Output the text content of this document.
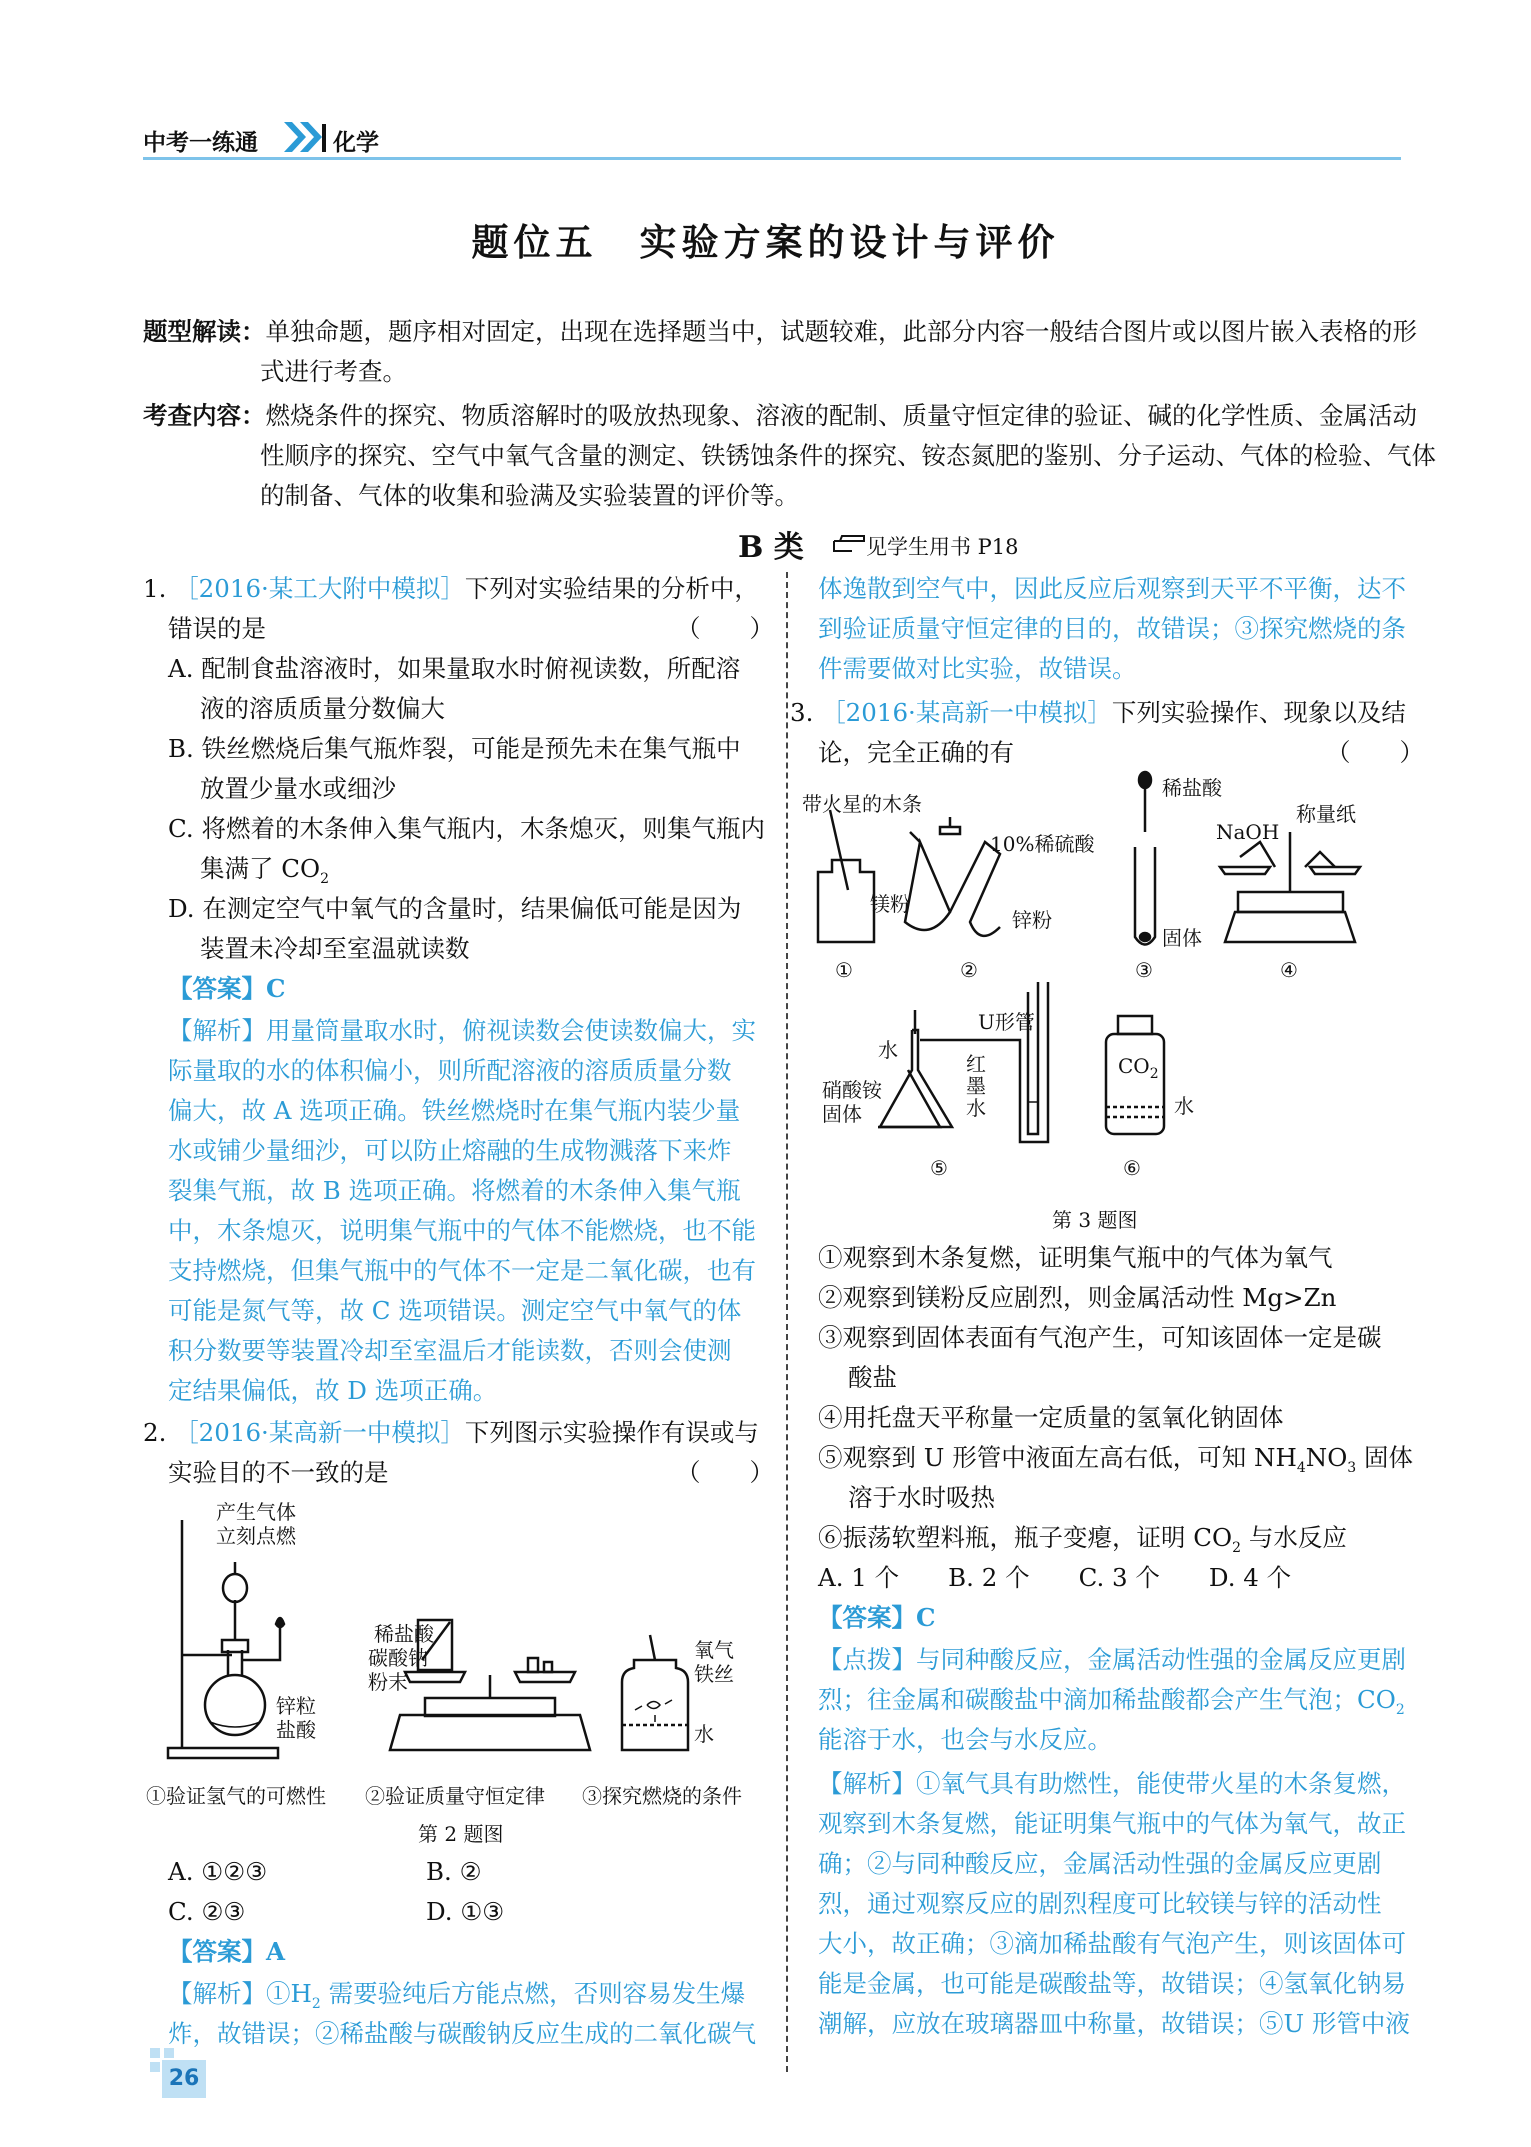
中考一练通	化学
题位五　实验方案的设计与评价
题型解读：单独命题，题序相对固定，出现在选择题当中，试题较难，此部分内容一般结合图片或以图片嵌入表格的形
式进行考查。
考查内容：燃烧条件的探究、物质溶解时的吸放热现象、溶液的配制、质量守恒定律的验证、碱的化学性质、金属活动
性顺序的探究、空气中氧气含量的测定、铁锈蚀条件的探究、铵态氮肥的鉴别、分子运动、气体的检验、气体
的制备、气体的收集和验满及实验装置的评价等。
B 类	见学生用书 P18
1. ［2016·某工大附中模拟］下列对实验结果的分析中，
错误的是	（　　）
A. 配制食盐溶液时，如果量取水时俯视读数，所配溶
液的溶质质量分数偏大
B. 铁丝燃烧后集气瓶炸裂，可能是预先未在集气瓶中
放置少量水或细沙
C. 将燃着的木条伸入集气瓶内，木条熄灭，则集气瓶内
集满了 $CO_2$
D. 在测定空气中氧气的含量时，结果偏低可能是因为
装置未冷却至室温就读数
【答案】C
【解析】用量筒量取水时，俯视读数会使读数偏大，实
际量取的水的体积偏小，则所配溶液的溶质质量分数
偏大，故 A 选项正确。铁丝燃烧时在集气瓶内装少量
水或铺少量细沙，可以防止熔融的生成物溅落下来炸
裂集气瓶，故 B 选项正确。将燃着的木条伸入集气瓶
中，木条熄灭，说明集气瓶中的气体不能燃烧，也不能
支持燃烧，但集气瓶中的气体不一定是二氧化碳，也有
可能是氮气等，故 C 选项错误。测定空气中氧气的体
积分数要等装置冷却至室温后才能读数，否则会使测
定结果偏低，故 D 选项正确。
2. ［2016·某高新一中模拟］下列图示实验操作有误或与
实验目的不一致的是	（　　）
产生气体
立刻点燃
锌粒
盐酸
稀盐酸
碳酸钠
粉末
氧气
铁丝
水
①验证氢气的可燃性 ②验证质量守恒定律 ③探究燃烧的条件
第 2 题图
A. ①②③	B. ②
C. ②③	D. ①③
【答案】A
【解析】$①H_2$ 需要验纯后方能点燃，否则容易发生爆
炸，故错误；②稀盐酸与碳酸钠反应生成的二氧化碳气
体逸散到空气中，因此反应后观察到天平不平衡，达不
到验证质量守恒定律的目的，故错误；③探究燃烧的条
件需要做对比实验，故错误。
3. ［2016·某高新一中模拟］下列实验操作、现象以及结
论，完全正确的有	（　　）
.
带火星的木条
10%稀硫酸
镁粉
锌粉
稀盐酸
固体
称量纸
NaOH
U形管
水
红
墨
水
硝酸铵
固体
$CO_2$
水
①	②	③	④
⑤	⑥
第 3 题图
①观察到木条复燃，证明集气瓶中的气体为氧气
②观察到镁粉反应剧烈，则金属活动性 Mg>Zn
③观察到固体表面有气泡产生，可知该固体一定是碳
酸盐
④用托盘天平称量一定质量的氢氧化钠固体
⑤观察到 U 形管中液面左高右低，可知 $NH_4NO_3$ 固体
溶于水时吸热
⑥振荡软塑料瓶，瓶子变瘪，证明 $CO_2$ 与水反应
A. 1 个　　B. 2 个　　C. 3 个　　D. 4 个
【答案】C
【点拨】与同种酸反应，金属活动性强的金属反应更剧
烈；往金属和碳酸盐中滴加稀盐酸都会产生气泡；$CO_2$
能溶于水，也会与水反应。
【解析】①氧气具有助燃性，能使带火星的木条复燃，
观察到木条复燃，能证明集气瓶中的气体为氧气，故正
确；②与同种酸反应，金属活动性强的金属反应更剧
烈，通过观察反应的剧烈程度可比较镁与锌的活动性
大小，故正确；③滴加稀盐酸有气泡产生，则该固体可
能是金属，也可能是碳酸盐等，故错误；④氢氧化钠易
潮解，应放在玻璃器皿中称量，故错误；⑤U 形管中液
26
